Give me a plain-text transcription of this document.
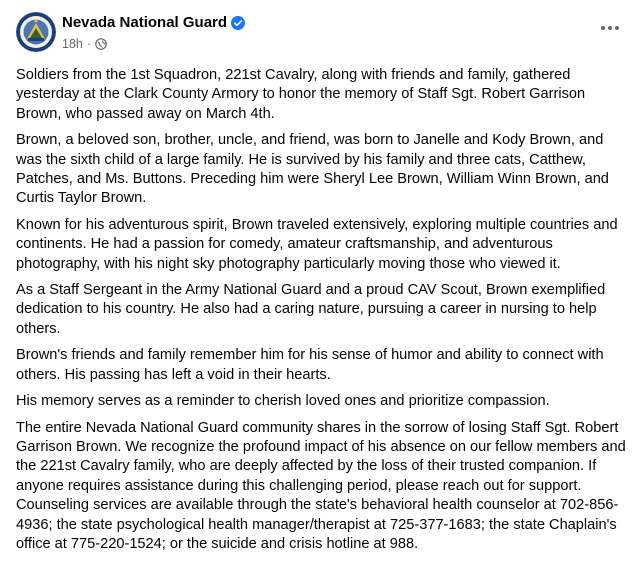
Nevada National Guard
18h ·

Soldiers from the 1st Squadron, 221st Cavalry, along with friends and family, gathered yesterday at the Clark County Armory to honor the memory of Staff Sgt. Robert Garrison Brown, who passed away on March 4th.

Brown, a beloved son, brother, uncle, and friend, was born to Janelle and Kody Brown, and was the sixth child of a large family. He is survived by his family and three cats, Catthew, Patches, and Ms. Buttons. Preceding him were Sheryl Lee Brown, William Winn Brown, and Curtis Taylor Brown.

Known for his adventurous spirit, Brown traveled extensively, exploring multiple countries and continents. He had a passion for comedy, amateur craftsmanship, and adventurous photography, with his night sky photography particularly moving those who viewed it.

As a Staff Sergeant in the Army National Guard and a proud CAV Scout, Brown exemplified dedication to his country. He also had a caring nature, pursuing a career in nursing to help others.

Brown's friends and family remember him for his sense of humor and ability to connect with others. His passing has left a void in their hearts.

His memory serves as a reminder to cherish loved ones and prioritize compassion.

The entire Nevada National Guard community shares in the sorrow of losing Staff Sgt. Robert Garrison Brown. We recognize the profound impact of his absence on our fellow members and the 221st Cavalry family, who are deeply affected by the loss of their trusted companion. If anyone requires assistance during this challenging period, please reach out for support. Counseling services are available through the state's behavioral health counselor at 702-856-4936; the state psychological health manager/therapist at 725-377-1683; the state Chaplain's office at 775-220-1524; or the suicide and crisis hotline at 988.
